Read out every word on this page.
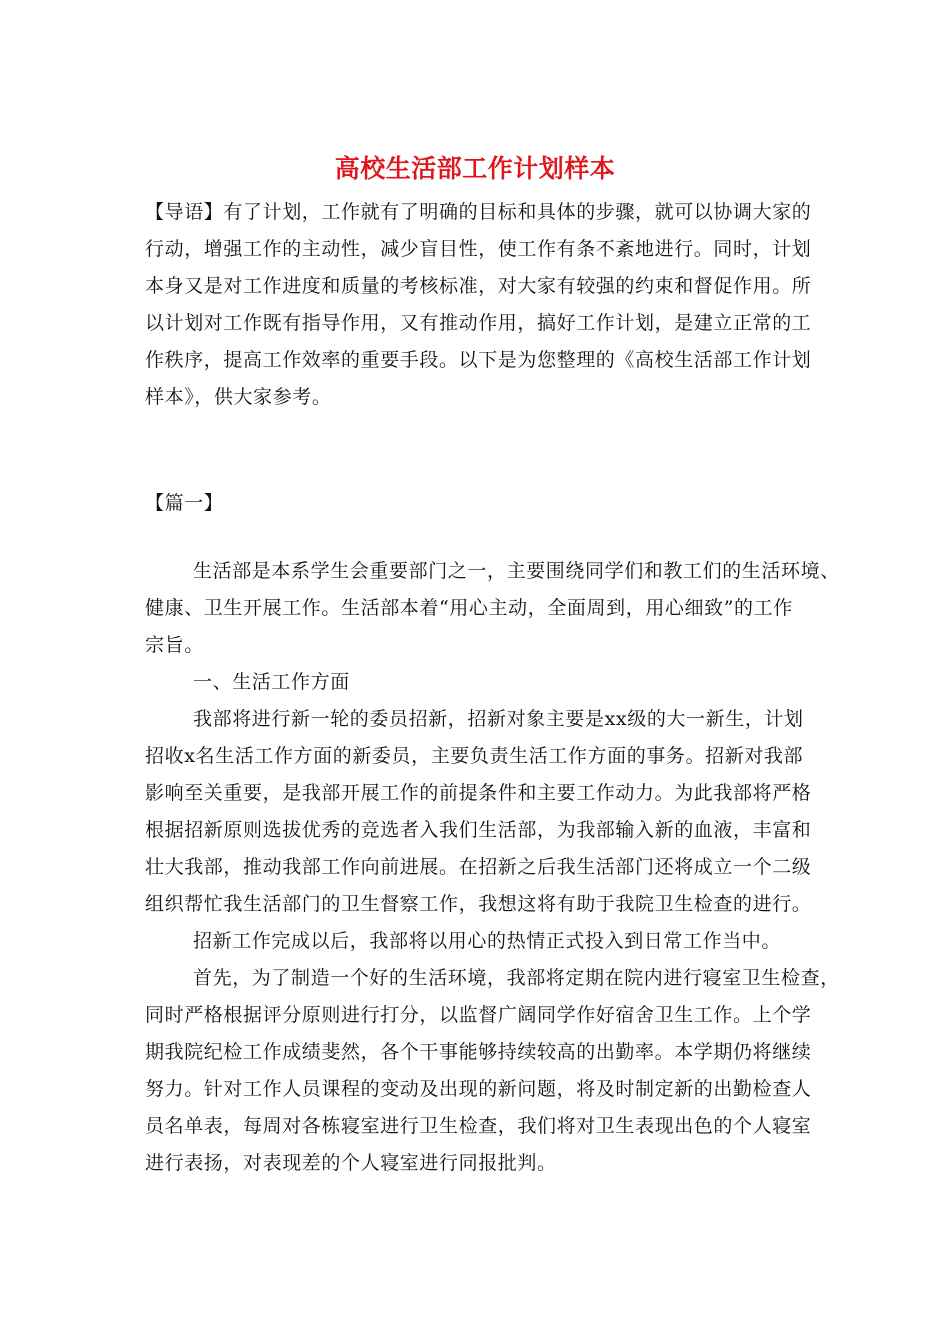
高校生活部工作计划样本
【导语】有了计划，工作就有了明确的目标和具体的步骤，就可以协调大家的
行动，增强工作的主动性，减少盲目性，使工作有条不紊地进行。同时，计划
本身又是对工作进度和质量的考核标准，对大家有较强的约束和督促作用。所
以计划对工作既有指导作用，又有推动作用，搞好工作计划，是建立正常的工
作秩序，提高工作效率的重要手段。以下是为您整理的《高校生活部工作计划
样本》，供大家参考。
【篇一】
生活部是本系学生会重要部门之一，主要围绕同学们和教工们的生活环境、
健康、卫生开展工作。生活部本着“用心主动，全面周到，用心细致”的工作
宗旨。
一、生活工作方面
我部将进行新一轮的委员招新，招新对象主要是xx级的大一新生，计划
招收x名生活工作方面的新委员，主要负责生活工作方面的事务。招新对我部
影响至关重要，是我部开展工作的前提条件和主要工作动力。为此我部将严格
根据招新原则选拔优秀的竞选者入我们生活部，为我部输入新的血液，丰富和
壮大我部，推动我部工作向前进展。在招新之后我生活部门还将成立一个二级
组织帮忙我生活部门的卫生督察工作，我想这将有助于我院卫生检查的进行。
招新工作完成以后，我部将以用心的热情正式投入到日常工作当中。
首先，为了制造一个好的生活环境，我部将定期在院内进行寝室卫生检查，
同时严格根据评分原则进行打分，以监督广阔同学作好宿舍卫生工作。上个学
期我院纪检工作成绩斐然，各个干事能够持续较高的出勤率。本学期仍将继续
努力。针对工作人员课程的变动及出现的新问题，将及时制定新的出勤检查人
员名单表，每周对各栋寝室进行卫生检查，我们将对卫生表现出色的个人寝室
进行表扬，对表现差的个人寝室进行同报批判。
